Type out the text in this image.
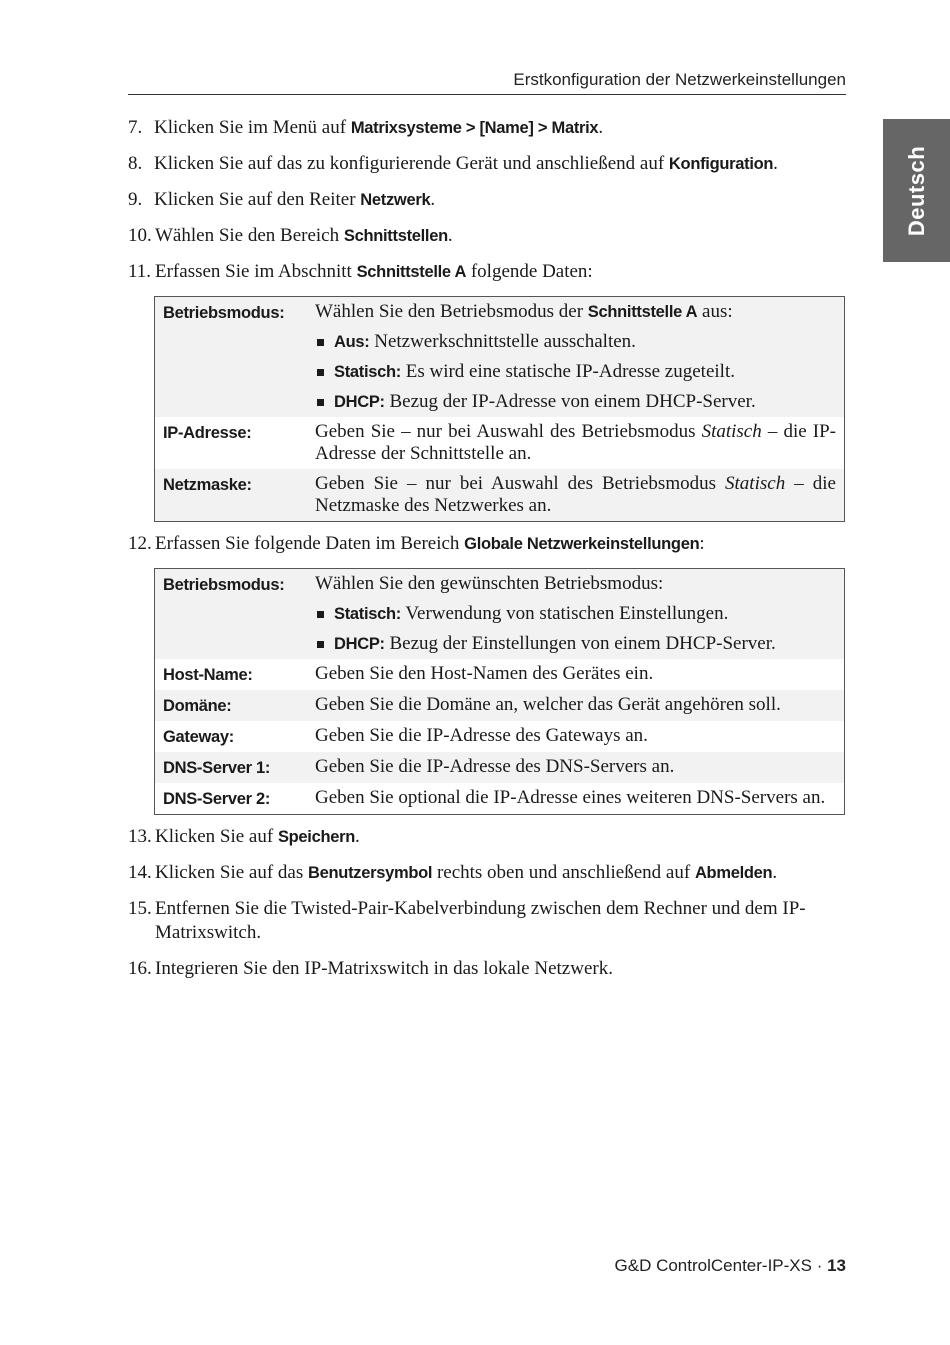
Erstkonfiguration der Netzwerkeinstellungen
Deutsch
7. Klicken Sie im Menü auf Matrixsysteme > [Name] > Matrix.
8. Klicken Sie auf das zu konfigurierende Gerät und anschließend auf Konfiguration.
9. Klicken Sie auf den Reiter Netzwerk.
10. Wählen Sie den Bereich Schnittstellen.
11. Erfassen Sie im Abschnitt Schnittstelle A folgende Daten:
Betriebsmodus:	Wählen Sie den Betriebsmodus der Schnittstelle A aus:
Aus: Netzwerkschnittstelle ausschalten.
Statisch: Es wird eine statische IP-Adresse zugeteilt.
DHCP: Bezug der IP-Adresse von einem DHCP-Server.

IP-Adresse:	Geben Sie – nur bei Auswahl des Betriebsmodus Statisch – die IP-Adresse der Schnittstelle an.
Netzmaske:	Geben Sie – nur bei Auswahl des Betriebsmodus Statisch – die Netzmaske des Netzwerkes an.
12. Erfassen Sie folgende Daten im Bereich Globale Netzwerkeinstellungen:
Betriebsmodus:	Wählen Sie den gewünschten Betriebsmodus:
Statisch: Verwendung von statischen Einstellungen.
DHCP: Bezug der Einstellungen von einem DHCP-Server.

Host-Name:	Geben Sie den Host-Namen des Gerätes ein.
Domäne:	Geben Sie die Domäne an, welcher das Gerät angehören soll.
Gateway:	Geben Sie die IP-Adresse des Gateways an.
DNS-Server 1:	Geben Sie die IP-Adresse des DNS-Servers an.
DNS-Server 2:	Geben Sie optional die IP-Adresse eines weiteren DNS-Servers an.
13. Klicken Sie auf Speichern.
14. Klicken Sie auf das Benutzersymbol rechts oben und anschließend auf Abmelden.
15. Entfernen Sie die Twisted-Pair-Kabelverbindung zwischen dem Rechner und dem IP-Matrixswitch.
16. Integrieren Sie den IP-Matrixswitch in das lokale Netzwerk.
G&D ControlCenter-IP-XS · 13
